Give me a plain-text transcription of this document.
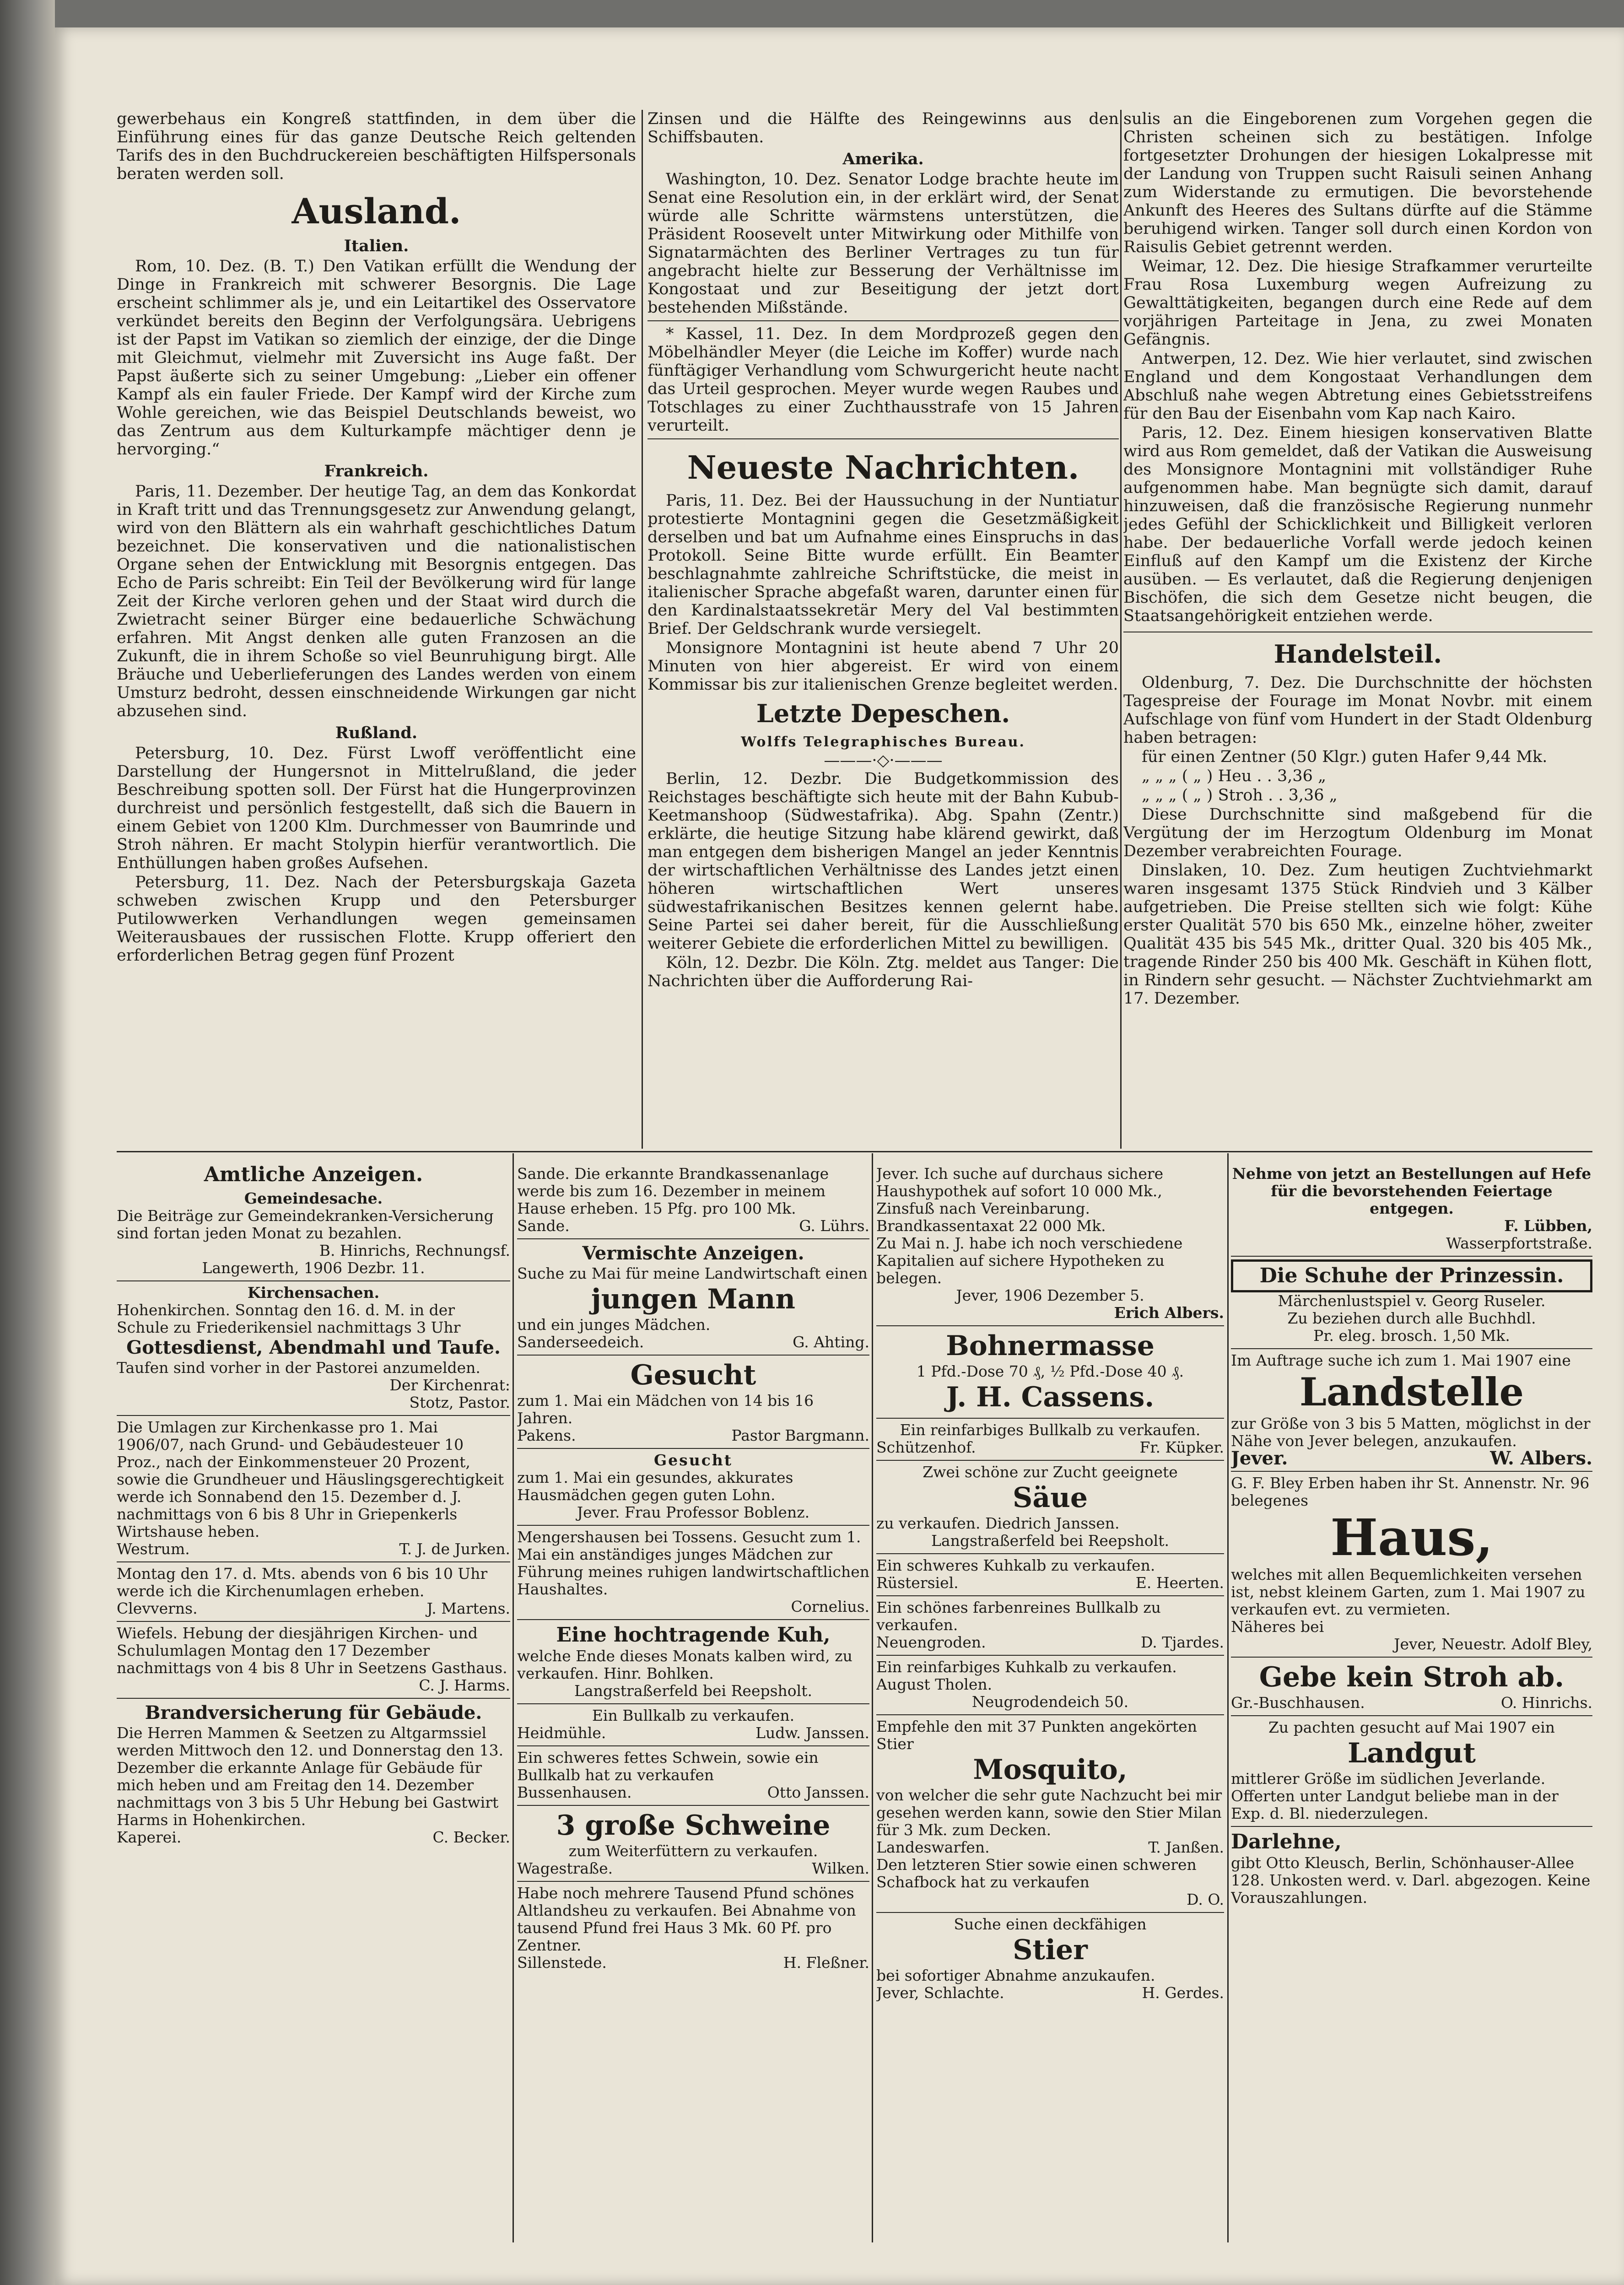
gewerbehaus ein Kongreß stattfinden, in dem über die Einführung eines für das ganze Deutsche Reich geltenden Tarifs des in den Buchdruckereien beschäftigten Hilfspersonals beraten werden soll.

Ausland.
Italien.

Rom, 10. Dez. (B. T.) Den Vatikan erfüllt die Wendung der Dinge in Frankreich mit schwerer Besorgnis. Die Lage erscheint schlimmer als je, und ein Leitartikel des Osservatore verkündet bereits den Beginn der Verfolgungsära. Uebrigens ist der Papst im Vatikan so ziemlich der einzige, der die Dinge mit Gleichmut, vielmehr mit Zuversicht ins Auge faßt. Der Papst äußerte sich zu seiner Umgebung: „Lieber ein offener Kampf als ein fauler Friede. Der Kampf wird der Kirche zum Wohle gereichen, wie das Beispiel Deutschlands beweist, wo das Zentrum aus dem Kulturkampfe mächtiger denn je hervorging.“

Frankreich.

Paris, 11. Dezember. Der heutige Tag, an dem das Konkordat in Kraft tritt und das Trennungsgesetz zur Anwendung gelangt, wird von den Blättern als ein wahrhaft geschichtliches Datum bezeichnet. Die konservativen und die nationalistischen Organe sehen der Entwicklung mit Besorgnis entgegen. Das Echo de Paris schreibt: Ein Teil der Bevölkerung wird für lange Zeit der Kirche verloren gehen und der Staat wird durch die Zwietracht seiner Bürger eine bedauerliche Schwächung erfahren. Mit Angst denken alle guten Franzosen an die Zukunft, die in ihrem Schoße so viel Beunruhigung birgt. Alle Bräuche und Ueberlieferungen des Landes werden von einem Umsturz bedroht, dessen einschneidende Wirkungen gar nicht abzusehen sind.

Rußland.

Petersburg, 10. Dez. Fürst Lwoff veröffentlicht eine Darstellung der Hungersnot in Mittelrußland, die jeder Beschreibung spotten soll. Der Fürst hat die Hungerprovinzen durchreist und persönlich festgestellt, daß sich die Bauern in einem Gebiet von 1200 Klm. Durchmesser von Baumrinde und Stroh nähren. Er macht Stolypin hierfür verantwortlich. Die Enthüllungen haben großes Aufsehen.

Petersburg, 11. Dez. Nach der Petersburgskaja Gazeta schweben zwischen Krupp und den Petersburger Putilowwerken Verhandlungen wegen gemeinsamen Weiterausbaues der russischen Flotte. Krupp offeriert den erforderlichen Betrag gegen fünf Prozent

Zinsen und die Hälfte des Reingewinns aus den Schiffsbauten.

Amerika.

Washington, 10. Dez. Senator Lodge brachte heute im Senat eine Resolution ein, in der erklärt wird, der Senat würde alle Schritte wärmstens unterstützen, die Präsident Roosevelt unter Mitwirkung oder Mithilfe von Signatarmächten des Berliner Vertrages zu tun für angebracht hielte zur Besserung der Verhältnisse im Kongostaat und zur Beseitigung der jetzt dort bestehenden Mißstände.

* Kassel, 11. Dez. In dem Mordprozeß gegen den Möbelhändler Meyer (die Leiche im Koffer) wurde nach fünftägiger Verhandlung vom Schwurgericht heute nacht das Urteil gesprochen. Meyer wurde wegen Raubes und Totschlages zu einer Zuchthausstrafe von 15 Jahren verurteilt.

Neueste Nachrichten.

Paris, 11. Dez. Bei der Haussuchung in der Nuntiatur protestierte Montagnini gegen die Gesetzmäßigkeit derselben und bat um Aufnahme eines Einspruchs in das Protokoll. Seine Bitte wurde erfüllt. Ein Beamter beschlagnahmte zahlreiche Schriftstücke, die meist in italienischer Sprache abgefaßt waren, darunter einen für den Kardinalstaatssekretär Mery del Val bestimmten Brief. Der Geldschrank wurde versiegelt.

Monsignore Montagnini ist heute abend 7 Uhr 20 Minuten von hier abgereist. Er wird von einem Kommissar bis zur italienischen Grenze begleitet werden.

Letzte Depeschen.
Wolffs Telegraphisches Bureau.
———·◇·———

Berlin, 12. Dezbr. Die Budgetkommission des Reichstages beschäftigte sich heute mit der Bahn Kubub-Keetmanshoop (Südwestafrika). Abg. Spahn (Zentr.) erklärte, die heutige Sitzung habe klärend gewirkt, daß man entgegen dem bisherigen Mangel an jeder Kenntnis der wirtschaftlichen Verhältnisse des Landes jetzt einen höheren wirtschaftlichen Wert unseres südwestafrikanischen Besitzes kennen gelernt habe. Seine Partei sei daher bereit, für die Ausschließung weiterer Gebiete die erforderlichen Mittel zu bewilligen.

Köln, 12. Dezbr. Die Köln. Ztg. meldet aus Tanger: Die Nachrichten über die Aufforderung Rai-

sulis an die Eingeborenen zum Vorgehen gegen die Christen scheinen sich zu bestätigen. Infolge fortgesetzter Drohungen der hiesigen Lokalpresse mit der Landung von Truppen sucht Raisuli seinen Anhang zum Widerstande zu ermutigen. Die bevorstehende Ankunft des Heeres des Sultans dürfte auf die Stämme beruhigend wirken. Tanger soll durch einen Kordon von Raisulis Gebiet getrennt werden.

Weimar, 12. Dez. Die hiesige Strafkammer verurteilte Frau Rosa Luxemburg wegen Aufreizung zu Gewalttätigkeiten, begangen durch eine Rede auf dem vorjährigen Parteitage in Jena, zu zwei Monaten Gefängnis.

Antwerpen, 12. Dez. Wie hier verlautet, sind zwischen England und dem Kongostaat Verhandlungen dem Abschluß nahe wegen Abtretung eines Gebietsstreifens für den Bau der Eisenbahn vom Kap nach Kairo.

Paris, 12. Dez. Einem hiesigen konservativen Blatte wird aus Rom gemeldet, daß der Vatikan die Ausweisung des Monsignore Montagnini mit vollständiger Ruhe aufgenommen habe. Man begnügte sich damit, darauf hinzuweisen, daß die französische Regierung nunmehr jedes Gefühl der Schicklichkeit und Billigkeit verloren habe. Der bedauerliche Vorfall werde jedoch keinen Einfluß auf den Kampf um die Existenz der Kirche ausüben. — Es verlautet, daß die Regierung denjenigen Bischöfen, die sich dem Gesetze nicht beugen, die Staatsangehörigkeit entziehen werde.

Handelsteil.

Oldenburg, 7. Dez. Die Durchschnitte der höchsten Tagespreise der Fourage im Monat Novbr. mit einem Aufschlage von fünf vom Hundert in der Stadt Oldenburg haben betragen:

für einen Zentner (50 Klgr.) guten Hafer 9,44 Mk.

„ „ „ ( „ ) Heu . . 3,36 „

„ „ „ ( „ ) Stroh . . 3,36 „

Diese Durchschnitte sind maßgebend für die Vergütung der im Herzogtum Oldenburg im Monat Dezember verabreichten Fourage.

Dinslaken, 10. Dez. Zum heutigen Zuchtviehmarkt waren insgesamt 1375 Stück Rindvieh und 3 Kälber aufgetrieben. Die Preise stellten sich wie folgt: Kühe erster Qualität 570 bis 650 Mk., einzelne höher, zweiter Qualität 435 bis 545 Mk., dritter Qual. 320 bis 405 Mk., tragende Rinder 250 bis 400 Mk. Geschäft in Kühen flott, in Rindern sehr gesucht. — Nächster Zuchtviehmarkt am 17. Dezember.

Amtliche Anzeigen.

Gemeindesache.

Die Beiträge zur Gemeindekranken-Versicherung sind fortan jeden Monat zu bezahlen.

B. Hinrichs, Rechnungsf.

Langewerth, 1906 Dezbr. 11.

Kirchensachen.

Hohenkirchen. Sonntag den 16. d. M. in der Schule zu Friederikensiel nachmittags 3 Uhr

Gottesdienst, Abendmahl und Taufe.

Taufen sind vorher in der Pastorei anzumelden.

Der Kirchenrat:

Stotz, Pastor.

Die Umlagen zur Kirchenkasse pro 1. Mai 1906/07, nach Grund- und Gebäudesteuer 10 Proz., nach der Einkommensteuer 20 Prozent, sowie die Grundheuer und Häuslingsgerechtigkeit werde ich Sonnabend den 15. Dezember d. J. nachmittags von 6 bis 8 Uhr in Griepenkerls Wirtshause heben.

Westrum.	T. J. de Jurken.

Montag den 17. d. Mts. abends von 6 bis 10 Uhr werde ich die Kirchenumlagen erheben.

Clevverns.	J. Martens.

Wiefels. Hebung der diesjährigen Kirchen- und Schulumlagen Montag den 17 Dezember nachmittags von 4 bis 8 Uhr in Seetzens Gasthaus.

C. J. Harms.

Brandversicherung für Gebäude.

Die Herren Mammen & Seetzen zu Altgarmssiel werden Mittwoch den 12. und Donnerstag den 13. Dezember die erkannte Anlage für Gebäude für mich heben und am Freitag den 14. Dezember nachmittags von 3 bis 5 Uhr Hebung bei Gastwirt Harms in Hohenkirchen.

Kaperei.	C. Becker.

Sande. Die erkannte Brandkassenanlage werde bis zum 16. Dezember in meinem Hause erheben. 15 Pfg. pro 100 Mk.

Sande.	G. Lührs.

Vermischte Anzeigen.

Suche zu Mai für meine Landwirtschaft einen

jungen Mann

und ein junges Mädchen.

Sanderseedeich.	G. Ahting.

Gesucht

zum 1. Mai ein Mädchen von 14 bis 16 Jahren.

Pakens.	Pastor Bargmann.

Gesucht

zum 1. Mai ein gesundes, akkurates Hausmädchen gegen guten Lohn.

Jever. Frau Professor Boblenz.

Mengershausen bei Tossens. Gesucht zum 1. Mai ein anständiges junges Mädchen zur Führung meines ruhigen landwirtschaftlichen Haushaltes.

Cornelius.

Eine hochtragende Kuh,

welche Ende dieses Monats kalben wird, zu verkaufen. Hinr. Bohlken.

Langstraßerfeld bei Reepsholt.

Ein Bullkalb zu verkaufen.

Heidmühle.	Ludw. Janssen.

Ein schweres fettes Schwein, sowie ein Bullkalb hat zu verkaufen

Bussenhausen.	Otto Janssen.

3 große Schweine

zum Weiterfüttern zu verkaufen.

Wagestraße.	Wilken.

Habe noch mehrere Tausend Pfund schönes Altlandsheu zu verkaufen. Bei Abnahme von tausend Pfund frei Haus 3 Mk. 60 Pf. pro Zentner.

Sillenstede.	H. Fleßner.

Jever. Ich suche auf durchaus sichere Haushypothek auf sofort 10 000 Mk., Zinsfuß nach Vereinbarung. Brandkassentaxat 22 000 Mk.

Zu Mai n. J. habe ich noch verschiedene Kapitalien auf sichere Hypotheken zu belegen.

Jever, 1906 Dezember 5.

Erich Albers.

Bohnermasse

1 Pfd.-Dose 70 ₰, ½ Pfd.-Dose 40 ₰.

J. H. Cassens.

Ein reinfarbiges Bullkalb zu verkaufen.

Schützenhof.	Fr. Küpker.

Zwei schöne zur Zucht geeignete

Säue

zu verkaufen. Diedrich Janssen.

Langstraßerfeld bei Reepsholt.

Ein schweres Kuhkalb zu verkaufen.

Rüstersiel.	E. Heerten.

Ein schönes farbenreines Bullkalb zu verkaufen.

Neuengroden.	D. Tjardes.

Ein reinfarbiges Kuhkalb zu verkaufen. August Tholen.

Neugrodendeich 50.

Empfehle den mit 37 Punkten angekörten Stier

Mosquito,

von welcher die sehr gute Nachzucht bei mir gesehen werden kann, sowie den Stier Milan für 3 Mk. zum Decken.

Landeswarfen.	T. Janßen.

Den letzteren Stier sowie einen schweren Schafbock hat zu verkaufen

D. O.

Suche einen deckfähigen

Stier

bei sofortiger Abnahme anzukaufen.

Jever, Schlachte.	H. Gerdes.

Nehme von jetzt an Bestellungen auf Hefe für die bevorstehenden Feiertage entgegen.

F. Lübben,

Wasserpfortstraße.

Die Schuhe der Prinzessin.

Märchenlustspiel v. Georg Ruseler.

Zu beziehen durch alle Buchhdl.

Pr. eleg. brosch. 1,50 Mk.

Im Auftrage suche ich zum 1. Mai 1907 eine

Landstelle

zur Größe von 3 bis 5 Matten, möglichst in der Nähe von Jever belegen, anzukaufen.

Jever.	W. Albers.

G. F. Bley Erben haben ihr St. Annenstr. Nr. 96 belegenes

Haus,

welches mit allen Bequemlichkeiten versehen ist, nebst kleinem Garten, zum 1. Mai 1907 zu verkaufen evt. zu vermieten.

Näheres bei

Jever, Neuestr. Adolf Bley,

Gebe kein Stroh ab.

Gr.-Buschhausen.	O. Hinrichs.

Zu pachten gesucht auf Mai 1907 ein

Landgut

mittlerer Größe im südlichen Jeverlande.

Offerten unter Landgut beliebe man in der Exp. d. Bl. niederzulegen.

Darlehne,

gibt Otto Kleusch, Berlin, Schönhauser-Allee 128. Unkosten werd. v. Darl. abgezogen. Keine Vorauszahlungen.
